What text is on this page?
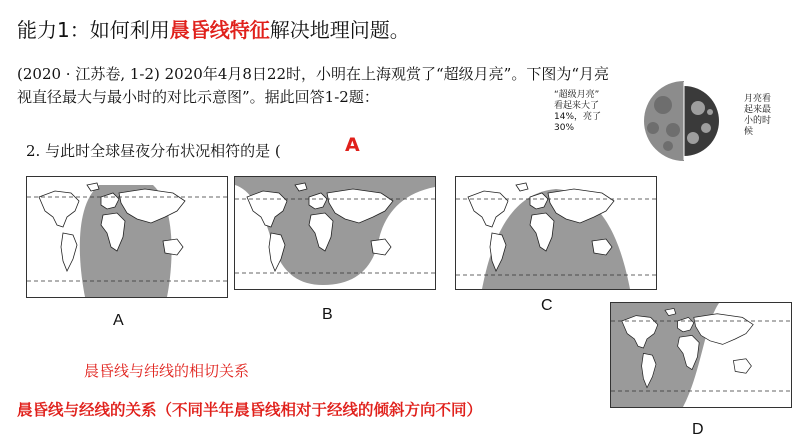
能力1：如何利用晨昏线特征解决地理问题。
(2020 · 江苏卷, 1-2) 2020年4月8日22时，小明在上海观赏了“超级月亮”。下图为“月亮
视直径最大与最小时的对比示意图”。据此回答1-2题：	“超级月亮”
看起来大了
14%，亮了
30%
月亮看
起来最
小的时
候
2. 与此时全球昼夜分布状况相符的是 (	A
A	B
C
D
晨昏线与纬线的相切关系
晨昏线与经线的关系（不同半年晨昏线相对于经线的倾斜方向不同）
